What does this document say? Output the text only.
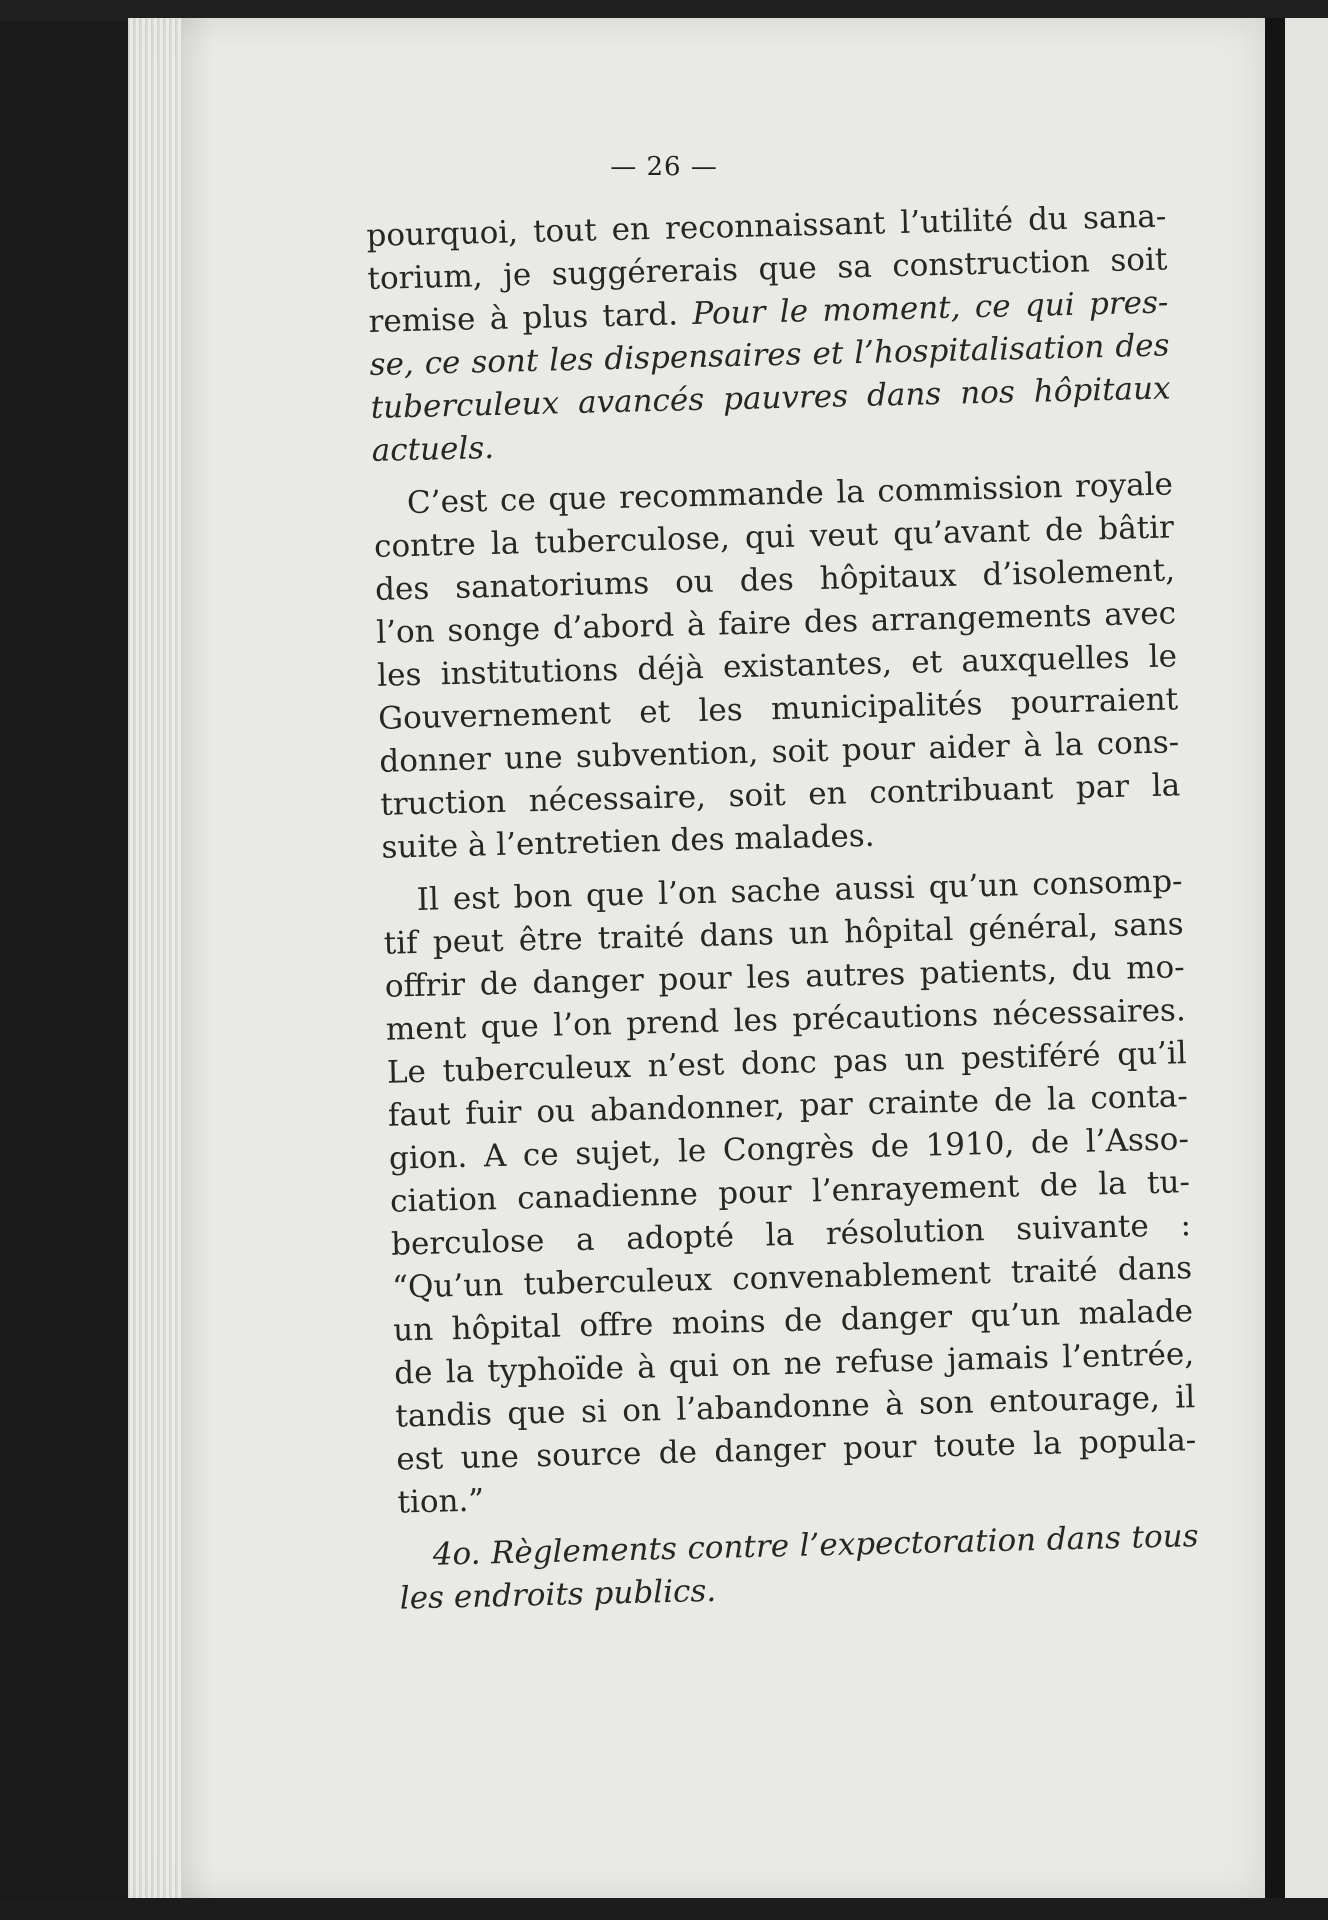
— 26 —
pourquoi, tout en reconnaissant l’utilité du sana-
torium, je suggérerais que sa construction soit
remise à plus tard. Pour le moment, ce qui pres-
se, ce sont les dispensaires et l’hospitalisation des
tuberculeux avancés pauvres dans nos hôpitaux
actuels.
C’est ce que recommande la commission royale
contre la tuberculose, qui veut qu’avant de bâtir
des sanatoriums ou des hôpitaux d’isolement,
l’on songe d’abord à faire des arrangements avec
les institutions déjà existantes, et auxquelles le
Gouvernement et les municipalités pourraient
donner une subvention, soit pour aider à la cons-
truction nécessaire, soit en contribuant par la
suite à l’entretien des malades.
Il est bon que l’on sache aussi qu’un consomp-
tif peut être traité dans un hôpital général, sans
offrir de danger pour les autres patients, du mo-
ment que l’on prend les précautions nécessaires.
Le tuberculeux n’est donc pas un pestiféré qu’il
faut fuir ou abandonner, par crainte de la conta-
gion. A ce sujet, le Congrès de 1910, de l’Asso-
ciation canadienne pour l’enrayement de la tu-
berculose a adopté la résolution suivante :
“Qu’un tuberculeux convenablement traité dans
un hôpital offre moins de danger qu’un malade
de la typhoïde à qui on ne refuse jamais l’entrée,
tandis que si on l’abandonne à son entourage, il
est une source de danger pour toute la popula-
tion.”
4o. Règlements contre l’expectoration dans tous
les endroits publics.
